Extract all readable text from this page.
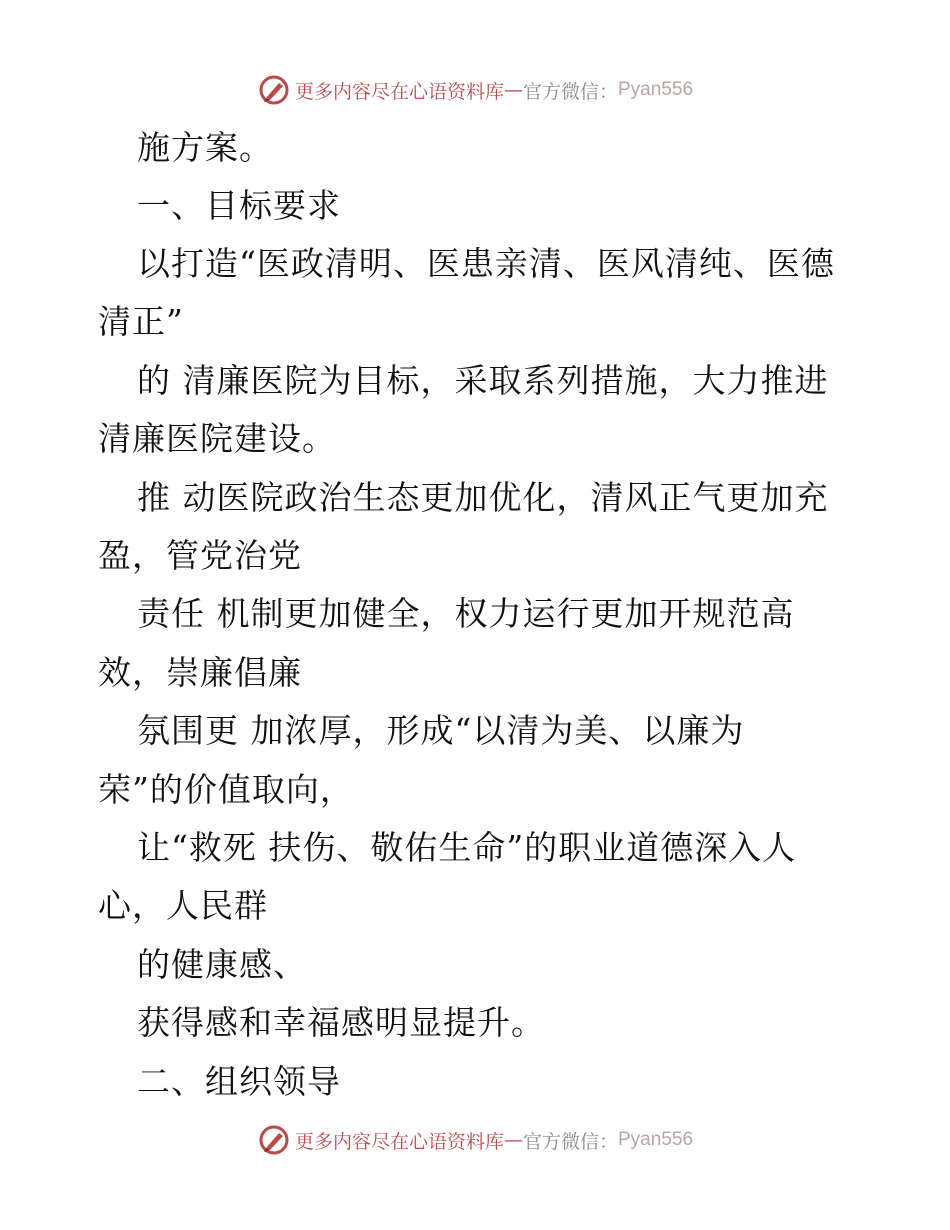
更多内容尽在心语资料库 — 官方微信： Pyan556
施方案。
一、目标要求
以打造“医政清明、医患亲清、医风清纯、医德
清正”
的 清廉医院为目标，采取系列措施，大力推进
清廉医院建设。
推 动医院政治生态更加优化，清风正气更加充
盈，管党治党
责任 机制更加健全，权力运行更加开规范高
效，崇廉倡廉
氛围更 加浓厚，形成“以清为美、以廉为
荣”的价值取向，
让“救死 扶伤、敬佑生命”的职业道德深入人
心，人民群
的健康感、
获得感和幸福感明显提升。
二、组织领导
更多内容尽在心语资料库 — 官方微信： Pyan556
